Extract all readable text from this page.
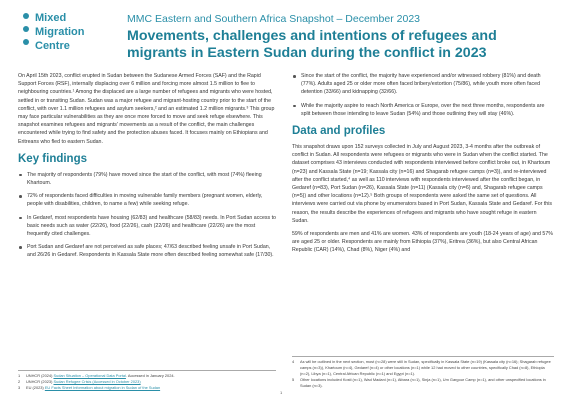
Mixed
Migration
Centre
MMC Eastern and Southern Africa Snapshot – December 2023
Movements, challenges and intentions of refugees and migrants in Eastern Sudan during the conflict in 2023

On April 15th 2023, conflict erupted in Sudan between the Sudanese Armed Forces (SAF) and the Rapid Support Forces (RSF), internally displacing over 6 million and forcing more almost 1.5 million to flee to neighbouring countries.¹ Among the displaced are a large number of refugees and migrants who were hosted, settled in or transiting Sudan. Sudan was a major refugee and migrant-hosting country prior to the start of the conflict, with over 1.1 million refugees and asylum seekers,² and an estimated 1.2 million migrants.³ This group may face particular vulnerabilities as they are once more forced to move and seek refuge elsewhere. This snapshot examines refugees and migrants' movements as a result of the conflict, the main challenges encountered while trying to find safety and the protection abuses faced. It focuses mainly on Ethiopians and Eritreans who fled to eastern Sudan.

Key findings
The majority of respondents (79%) have moved since the start of the conflict, with most (74%) fleeing Khartoum.
72% of respondents faced difficulties in moving vulnerable family members (pregnant women, elderly, people with disabilities, children, to name a few) while seeking refuge.
In Gedaref, most respondents have housing (62/83) and healthcare (58/83) needs. In Port Sudan access to basic needs such as water (22/26), food (22/26), cash (22/26) and healthcare (22/26) are the most frequently cited challenges.
Port Sudan and Gedaref are not perceived as safe places; 47/63 described feeling unsafe in Port Sudan, and 26/26 in Gedaref. Respondents in Kassala State more often described feeling somewhat safe (17/30).
Since the start of the conflict, the majority have experienced and/or witnessed robbery (81%) and death (77%). Adults aged 25 or older more often faced bribery/extortion (75/86), while youth more often faced detention (33/66) and kidnapping (32/66).
While the majority aspire to reach North America or Europe, over the next three months, respondents are split between those intending to leave Sudan (54%) and those outlining they will stay (46%).
Data and profiles

This snapshot draws upon 152 surveys collected in July and August 2023, 3-4 months after the outbreak of conflict in Sudan. All respondents were refugees or migrants who were in Sudan when the conflict started. The dataset comprises 43 interviews conducted with respondents interviewed before conflict broke out, in Khartoum (n=23) and Kassala State (n=19; Kassala city (n=16) and Shagarab refugee camps (n=3)), and re-interviewed after the conflict started,⁴ as well as 110 interviews with respondents interviewed after the conflict began, in Gedaref (n=83), Port Sudan (n=26), Kassala State (n=11) (Kassala city (n=6) and, Shagarab refugee camps (n=5)) and other locations (n=12).⁵ Both groups of respondents were asked the same set of questions. All interviews were carried out via phone by enumerators based in Port Sudan, Kassala State and Gedaref. For this reason, the results describe the experiences of refugees and migrants who have sought refuge in eastern Sudan.

59% of respondents are men and 41% are women. 43% of respondents are youth (18-24 years of age) and 57% are aged 25 or older. Respondents are mainly from Ethiopia (37%), Eritrea (36%), but also Central African Republic (CAR) (14%), Chad (8%), Niger (4%) and

1	UNHCR (2024) Sudan Situation – Operational Data Portal. Accessed in January 2024.
2	UNHCR (2023) Sudan Refugee Crisis (Accessed in October 2023)
3	EU (2023) EU Facts Sheet Information about migration in Sudan of the Sudan
4	As will be outlined in the next section, most (n=28) were still in Sudan, specifically in Kassala State (n=19) (Kassala city (n=16); Shagarab refugee camps (n=3)), Khartoum (n=4), Gedaref (n=4) or other locations (n=1) while 12 had moved to other countries, specifically Chad (n=8), Ethiopia (n=2), Libya (n=1), Central African Republic (n=1) and Egypt (n=1).
5	Other locations included Kosti (n=1), Wad Madani (n=1), Atbara (n=1), Sinja (n=1), Um Gargour Camp (n=1), and other unspecified locations in Sudan (n=3).
1
